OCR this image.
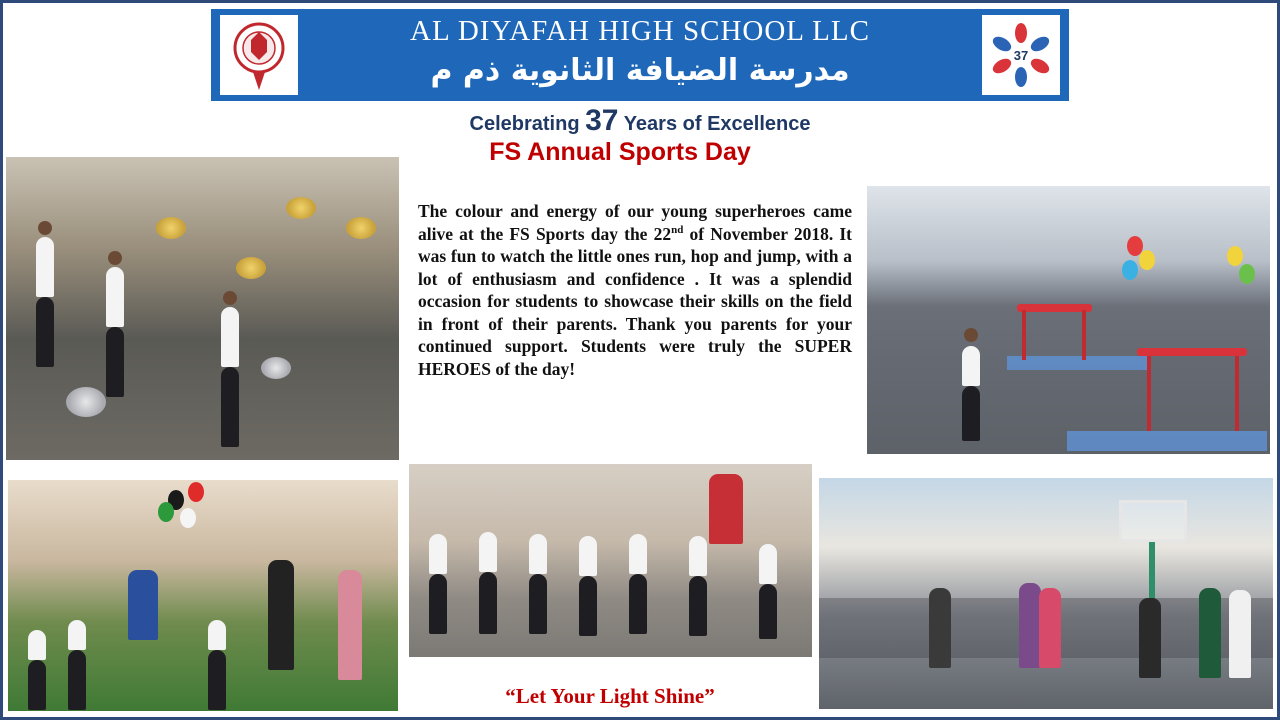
AL DIYAFAH HIGH SCHOOL LLC
مدرسة الضيافة الثانوية ذم م	37
Celebrating 37 Years of Excellence
FS Annual Sports Day
The colour and energy of our young superheroes came alive at the FS Sports day the 22nd of November 2018. It was fun to watch the little ones run, hop and jump, with a lot of enthusiasm and confidence . It was a splendid occasion for students to showcase their skills on the field in front of their parents. Thank you parents for your continued support. Students were truly the SUPER HEROES of the day!
“Let Your Light Shine”
